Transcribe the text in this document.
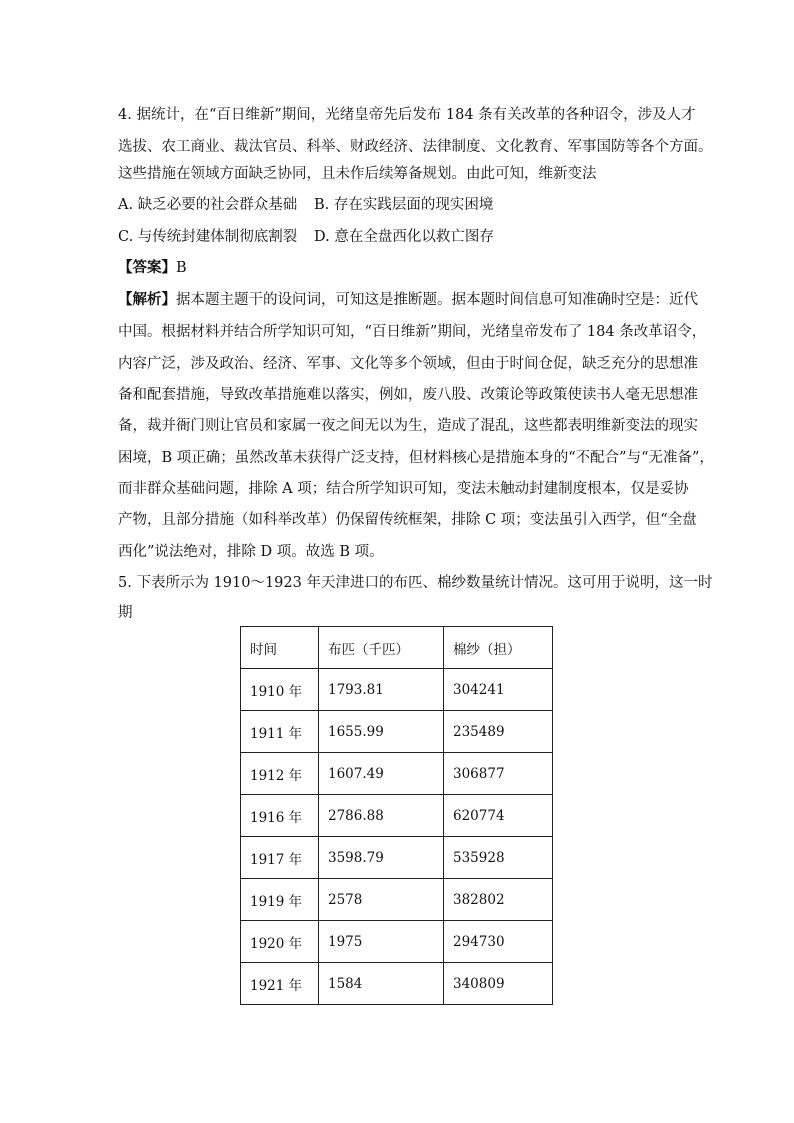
4. 据统计，在“百日维新”期间，光绪皇帝先后发布 184 条有关改革的各种诏令，涉及人才
选拔、农工商业、裁汰官员、科举、财政经济、法律制度、文化教育、军事国防等各个方面。
这些措施在领域方面缺乏协同，且未作后续筹备规划。由此可知，维新变法
A. 缺乏必要的社会群众基础 B. 存在实践层面的现实困境
C. 与传统封建体制彻底割裂 D. 意在全盘西化以救亡图存
【答案】B
【解析】据本题主题干的设问词，可知这是推断题。据本题时间信息可知准确时空是：近代
中国。根据材料并结合所学知识可知，“百日维新”期间，光绪皇帝发布了 184 条改革诏令，
内容广泛，涉及政治、经济、军事、文化等多个领域，但由于时间仓促，缺乏充分的思想准
备和配套措施，导致改革措施难以落实，例如，废八股、改策论等政策使读书人毫无思想准
备，裁并衙门则让官员和家属一夜之间无以为生，造成了混乱，这些都表明维新变法的现实
困境，B 项正确；虽然改革未获得广泛支持，但材料核心是措施本身的“不配合”与“无准备”，
而非群众基础问题，排除 A 项；结合所学知识可知，变法未触动封建制度根本，仅是妥协
产物，且部分措施（如科举改革）仍保留传统框架，排除 C 项；变法虽引入西学，但“全盘
西化”说法绝对，排除 D 项。故选 B 项。
5. 下表所示为 1910～1923 年天津进口的布匹、棉纱数量统计情况。这可用于说明，这一时
期
时间	布匹（千匹）	棉纱（担）
1910 年	1793.81	304241
1911 年	1655.99	235489
1912 年	1607.49	306877
1916 年	2786.88	620774
1917 年	3598.79	535928
1919 年	2578	382802
1920 年	1975	294730
1921 年	1584	340809
